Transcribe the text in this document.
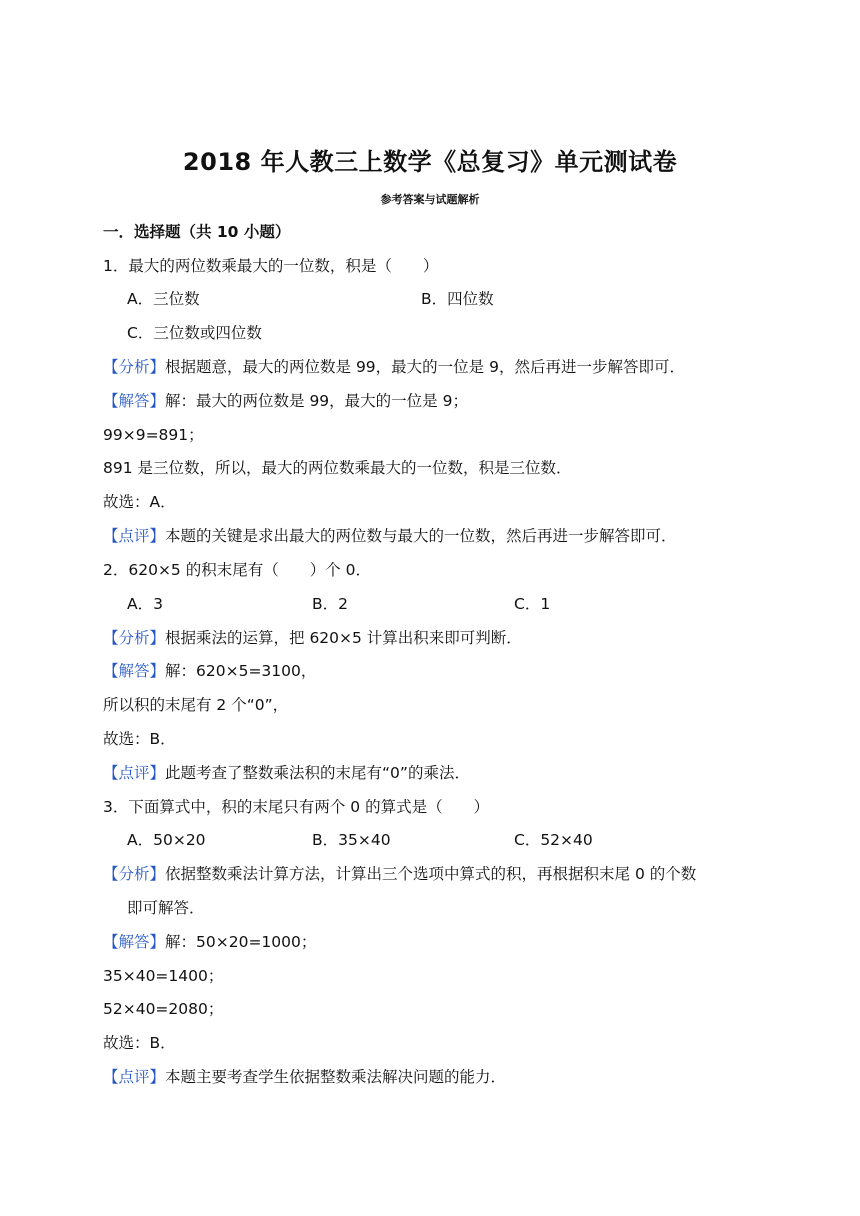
2018 年人教三上数学《总复习》单元测试卷
参考答案与试题解析
一．选择题（共 10 小题）
1．最大的两位数乘最大的一位数，积是（　　）
A．三位数	B．四位数
C．三位数或四位数
【分析】根据题意，最大的两位数是 99，最大的一位是 9，然后再进一步解答即可．
【解答】解：最大的两位数是 99，最大的一位是 9；
99×9=891；
891 是三位数，所以，最大的两位数乘最大的一位数，积是三位数．
故选：A．
【点评】本题的关键是求出最大的两位数与最大的一位数，然后再进一步解答即可．
2．620×5 的积末尾有（　　）个 0．
A．3	B．2	C．1
【分析】根据乘法的运算，把 620×5 计算出积来即可判断．
【解答】解：620×5=3100，
所以积的末尾有 2 个“0”，
故选：B．
【点评】此题考查了整数乘法积的末尾有“0”的乘法．
3．下面算式中，积的末尾只有两个 0 的算式是（　　）
A．50×20	B．35×40	C．52×40
【分析】依据整数乘法计算方法，计算出三个选项中算式的积，再根据积末尾 0 的个数
即可解答．
【解答】解：50×20=1000；
35×40=1400；
52×40=2080；
故选：B．
【点评】本题主要考查学生依据整数乘法解决问题的能力．
